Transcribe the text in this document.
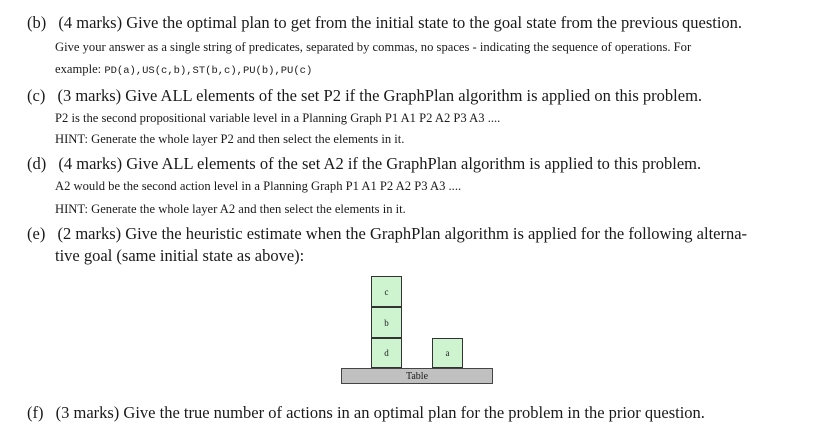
(b) (4 marks) Give the optimal plan to get from the initial state to the goal state from the previous question.
Give your answer as a single string of predicates, separated by commas, no spaces - indicating the sequence of operations. For
example: PD(a),US(c,b),ST(b,c),PU(b),PU(c)
(c) (3 marks) Give ALL elements of the set P2 if the GraphPlan algorithm is applied on this problem.
P2 is the second propositional variable level in a Planning Graph P1 A1 P2 A2 P3 A3 ....
HINT: Generate the whole layer P2 and then select the elements in it.
(d) (4 marks) Give ALL elements of the set A2 if the GraphPlan algorithm is applied to this problem.
A2 would be the second action level in a Planning Graph P1 A1 P2 A2 P3 A3 ....
HINT: Generate the whole layer A2 and then select the elements in it.
(e) (2 marks) Give the heuristic estimate when the GraphPlan algorithm is applied for the following alterna-
tive goal (same initial state as above):
c
b
d	a
Table
(f) (3 marks) Give the true number of actions in an optimal plan for the problem in the prior question.
